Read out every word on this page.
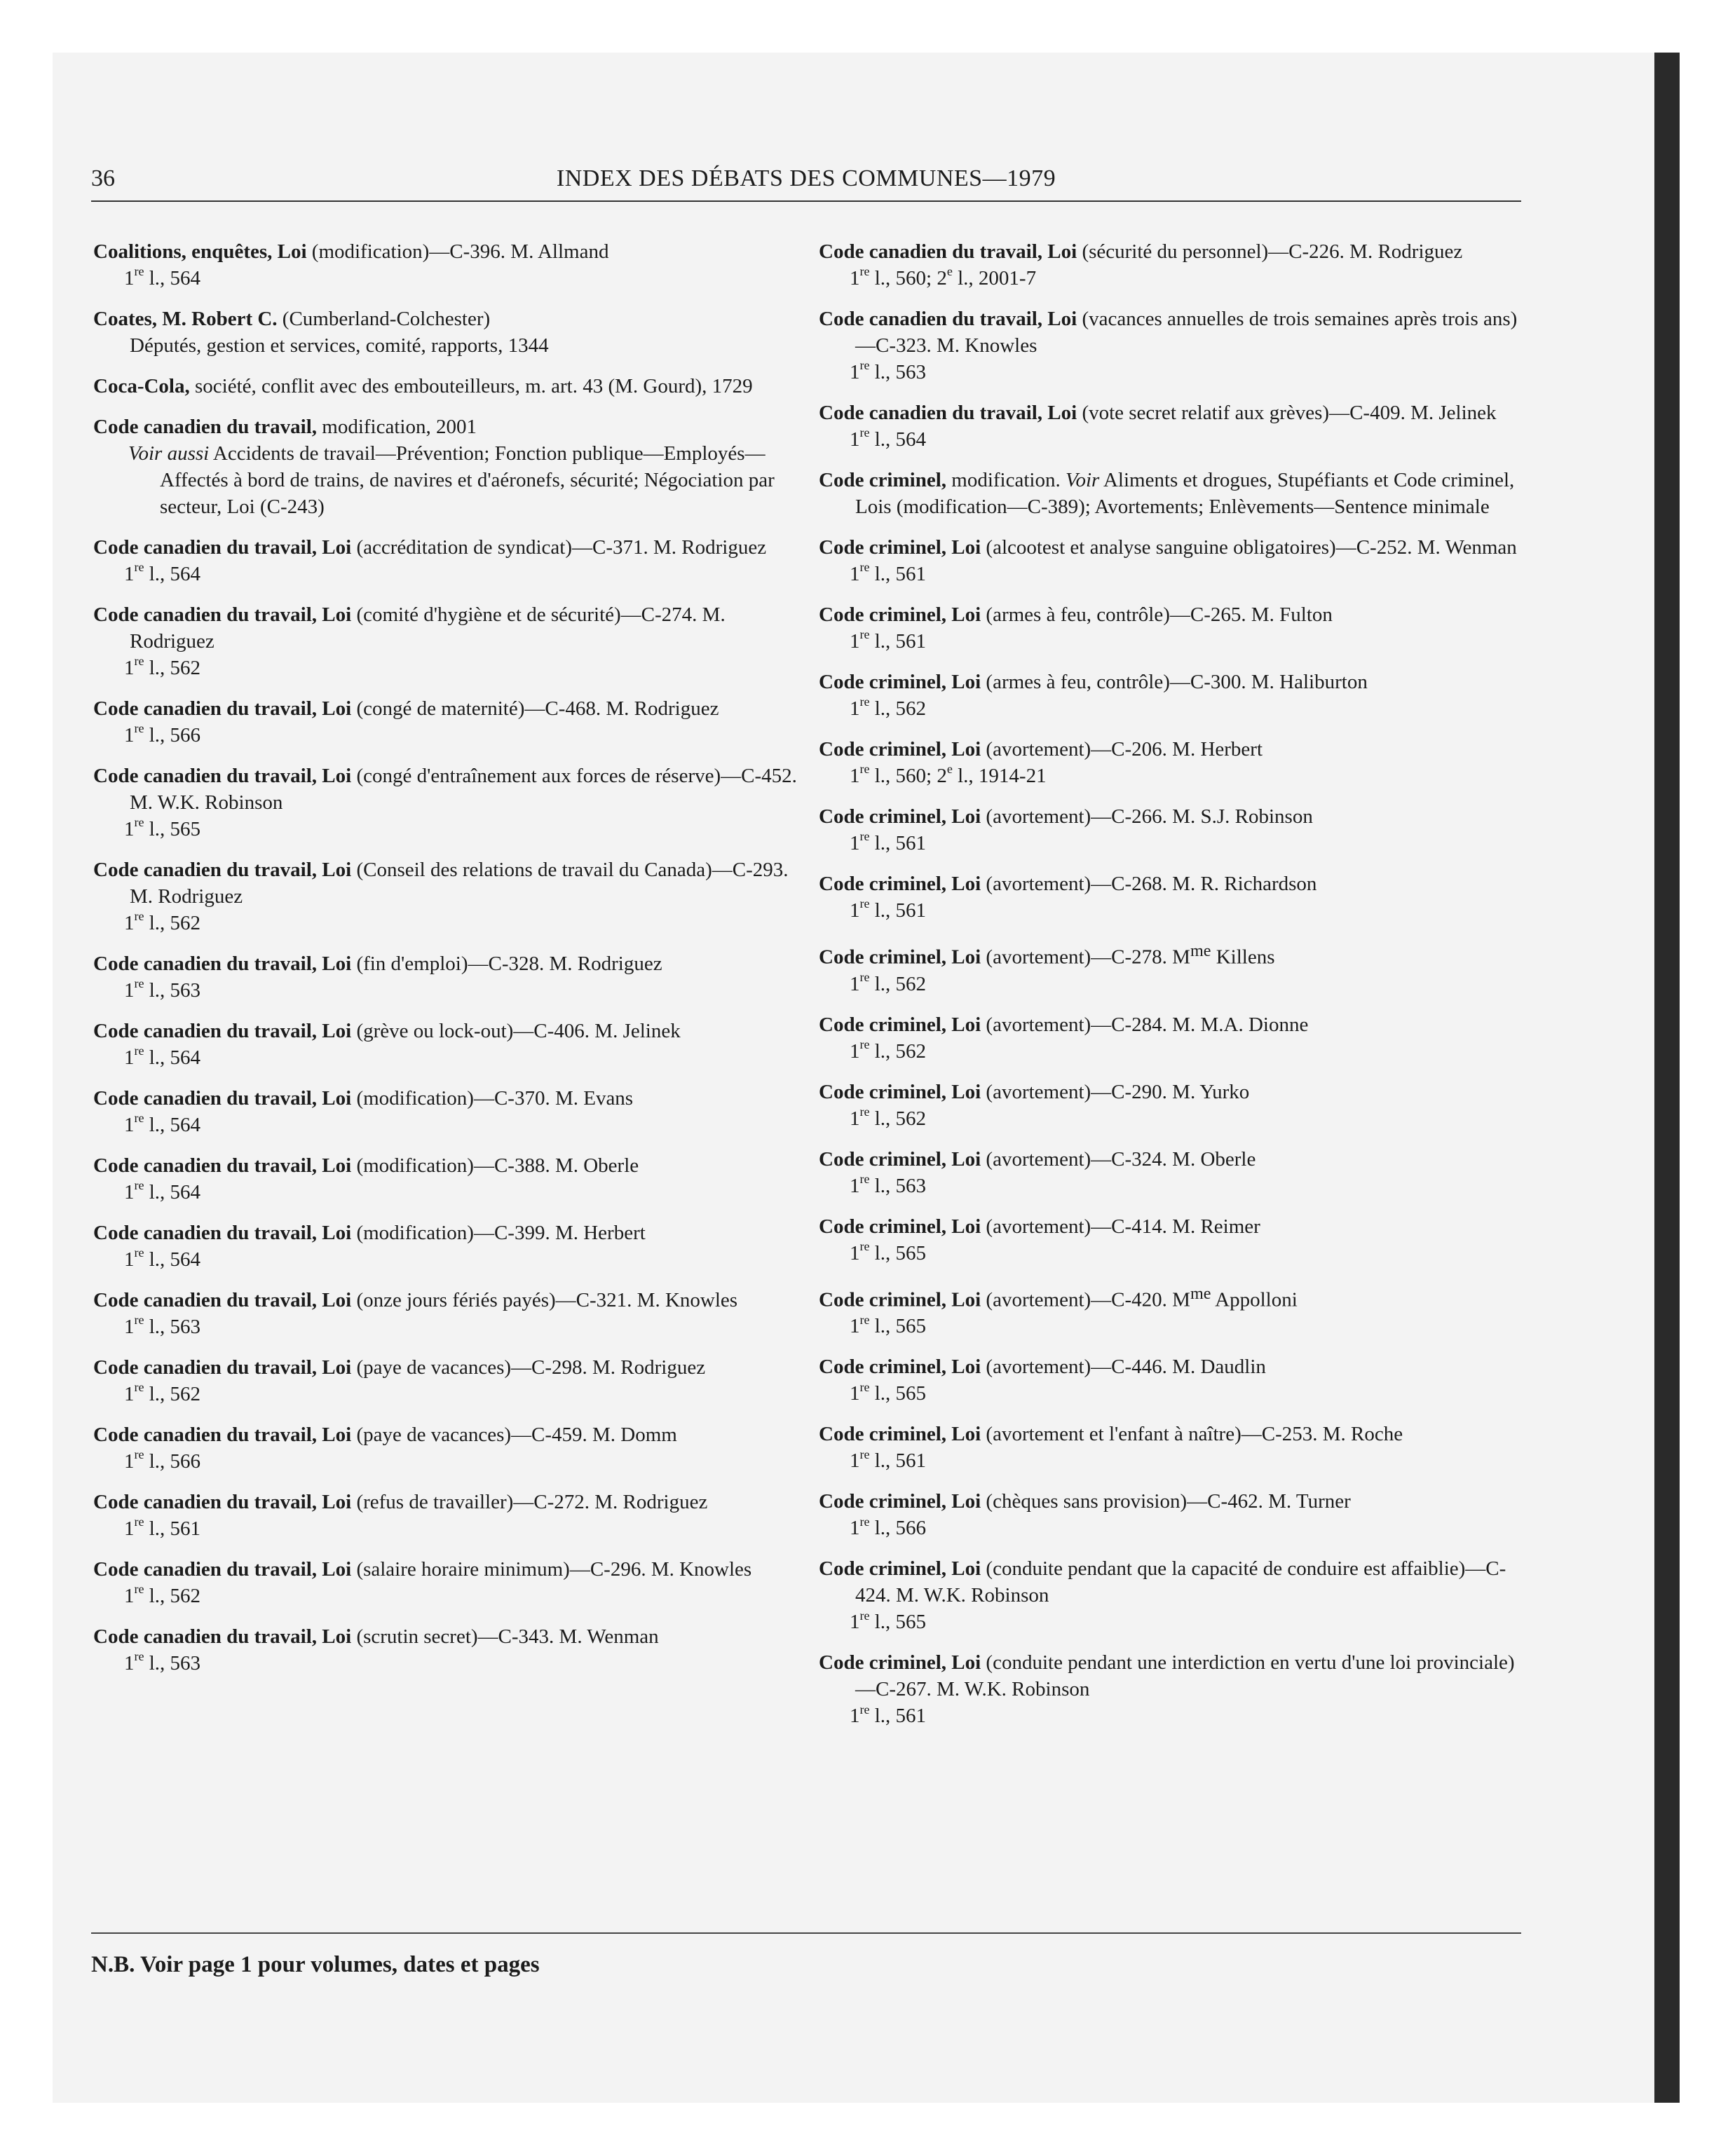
36	INDEX DES DÉBATS DES COMMUNES—1979
Coalitions, enquêtes, Loi (modification)—C-396. M. Allmand
1re l., 564
Coates, M. Robert C. (Cumberland-Colchester)
Députés, gestion et services, comité, rapports, 1344
Coca-Cola, société, conflit avec des embouteilleurs, m. art. 43 (M. Gourd), 1729
Code canadien du travail, modification, 2001
Voir aussi Accidents de travail—Prévention; Fonction publique—Employés—Affectés à bord de trains, de navires et d'aéronefs, sécurité; Négociation par secteur, Loi (C-243)
Code canadien du travail, Loi (accréditation de syndicat)—C-371. M. Rodriguez
1re l., 564
Code canadien du travail, Loi (comité d'hygiène et de sécurité)—C-274. M. Rodriguez
1re l., 562
Code canadien du travail, Loi (congé de maternité)—C-468. M. Rodriguez
1re l., 566
Code canadien du travail, Loi (congé d'entraînement aux forces de réserve)—C-452. M. W.K. Robinson
1re l., 565
Code canadien du travail, Loi (Conseil des relations de travail du Canada)—C-293. M. Rodriguez
1re l., 562
Code canadien du travail, Loi (fin d'emploi)—C-328. M. Rodriguez
1re l., 563
Code canadien du travail, Loi (grève ou lock-out)—C-406. M. Jelinek
1re l., 564
Code canadien du travail, Loi (modification)—C-370. M. Evans
1re l., 564
Code canadien du travail, Loi (modification)—C-388. M. Oberle
1re l., 564
Code canadien du travail, Loi (modification)—C-399. M. Herbert
1re l., 564
Code canadien du travail, Loi (onze jours fériés payés)—C-321. M. Knowles
1re l., 563
Code canadien du travail, Loi (paye de vacances)—C-298. M. Rodriguez
1re l., 562
Code canadien du travail, Loi (paye de vacances)—C-459. M. Domm
1re l., 566
Code canadien du travail, Loi (refus de travailler)—C-272. M. Rodriguez
1re l., 561
Code canadien du travail, Loi (salaire horaire minimum)—C-296. M. Knowles
1re l., 562
Code canadien du travail, Loi (scrutin secret)—C-343. M. Wenman
1re l., 563
Code canadien du travail, Loi (sécurité du personnel)—C-226. M. Rodriguez
1re l., 560; 2e l., 2001-7
Code canadien du travail, Loi (vacances annuelles de trois semaines après trois ans)—C-323. M. Knowles
1re l., 563
Code canadien du travail, Loi (vote secret relatif aux grèves)—C-409. M. Jelinek
1re l., 564
Code criminel, modification. Voir Aliments et drogues, Stupéfiants et Code criminel, Lois (modification—C-389); Avortements; Enlèvements—Sentence minimale
Code criminel, Loi (alcootest et analyse sanguine obligatoires)—C-252. M. Wenman
1re l., 561
Code criminel, Loi (armes à feu, contrôle)—C-265. M. Fulton
1re l., 561
Code criminel, Loi (armes à feu, contrôle)—C-300. M. Haliburton
1re l., 562
Code criminel, Loi (avortement)—C-206. M. Herbert
1re l., 560; 2e l., 1914-21
Code criminel, Loi (avortement)—C-266. M. S.J. Robinson
1re l., 561
Code criminel, Loi (avortement)—C-268. M. R. Richardson
1re l., 561
Code criminel, Loi (avortement)—C-278. $M^{me}$ Killens
1re l., 562
Code criminel, Loi (avortement)—C-284. M. M.A. Dionne
1re l., 562
Code criminel, Loi (avortement)—C-290. M. Yurko
1re l., 562
Code criminel, Loi (avortement)—C-324. M. Oberle
1re l., 563
Code criminel, Loi (avortement)—C-414. M. Reimer
1re l., 565
Code criminel, Loi (avortement)—C-420. $M^{me}$ Appolloni
1re l., 565
Code criminel, Loi (avortement)—C-446. M. Daudlin
1re l., 565
Code criminel, Loi (avortement et l'enfant à naître)—C-253. M. Roche
1re l., 561
Code criminel, Loi (chèques sans provision)—C-462. M. Turner
1re l., 566
Code criminel, Loi (conduite pendant que la capacité de conduire est affaiblie)—C-424. M. W.K. Robinson
1re l., 565
Code criminel, Loi (conduite pendant une interdiction en vertu d'une loi provinciale)—C-267. M. W.K. Robinson
1re l., 561
N.B. Voir page 1 pour volumes, dates et pages
